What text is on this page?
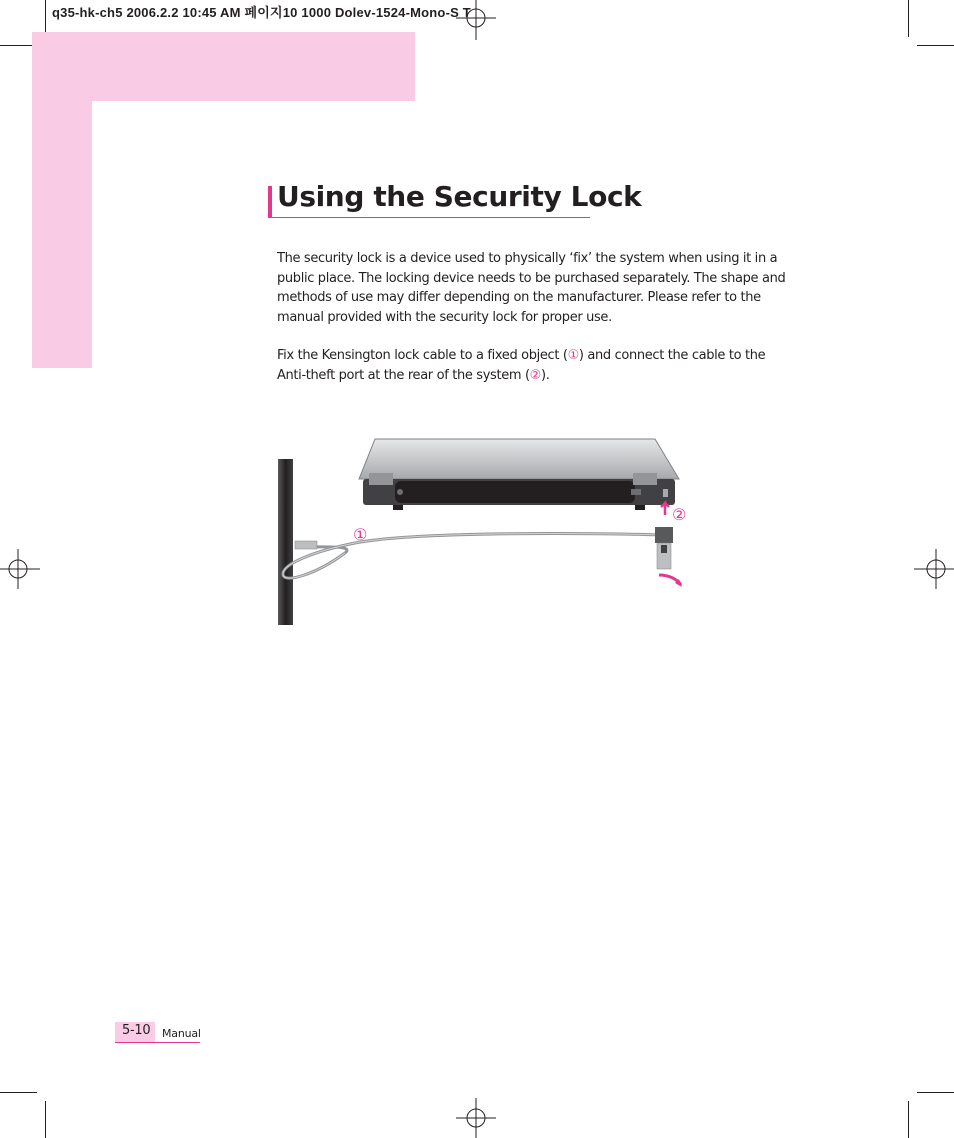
q35-hk-ch5 2006.2.2 10:45 AM 페이지10 1000 Dolev-1524-Mono-S T
Using the Security Lock
The security lock is a device used to physically ‘fix’ the system when using it in a public place. The locking device needs to be purchased separately. The shape and methods of use may differ depending on the manufacturer. Please refer to the manual provided with the security lock for proper use.
Fix the Kensington lock cable to a fixed object (①) and connect the cable to the Anti-theft port at the rear of the system (②).
①
②
5-10 Manual
